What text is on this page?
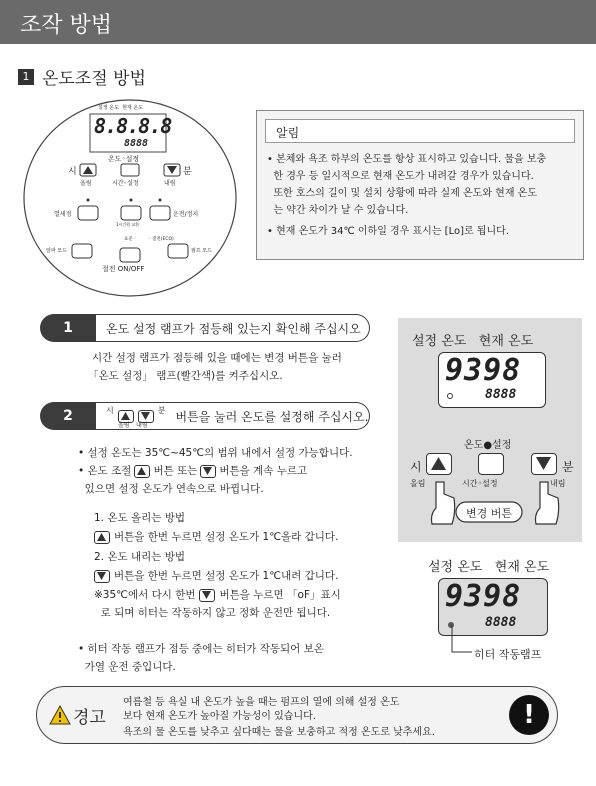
조작 방법
1 온도조절 방법
설정 온도  현재 온도
8.8.8.8
8888
온도◦설정
시	분
올림	시간◦설정	내림
열세정	운전/정지
1시간원 교환
표준 ◦ ◦ 절전(ECO)
알파 모드	펌프 모드
절전 ON/OFF
알림

• 본체와 욕조 하부의 온도를 항상 표시하고 있습니다. 물을 보충

한 경우 등 일시적으로 현재 온도가 내려갈 경우가 있습니다.

또한 호스의 길이 및 설치 상황에 따라 실제 온도와 현재 온도

는 약간 차이가 날 수 있습니다.

• 현재 온도가 34℃ 이하일 경우 표시는 [Lo]로 됩니다.

1	온도 설정 램프가 점등해 있는지 확인해 주십시오
시간 설정 램프가 점등해 있을 때에는 변경 버튼을 눌러
「온도 설정」 램프(빨간색)를 켜주십시오.
2	시	분 버튼을 눌러 온도를 설정해 주십시오.
올림 내림
• 설정 온도는 35℃~45℃의 범위 내에서 설정 가능합니다.
• 온도 조절 버튼 또는 버튼을 계속 누르고
있으면 설정 온도가 연속으로 바뀝니다.
1. 온도 올리는 방법
버튼을 한번 누르면 설정 온도가 1℃올라 갑니다.
2. 온도 내리는 방법
버튼을 한번 누르면 설정 온도가 1℃내려 갑니다.
※35℃에서 다시 한번 버튼을 누르면 「oF」표시
로 되며 히터는 작동하지 않고 정화 운전만 됩니다.
• 히터 작동 램프가 점등 중에는 히터가 작동되어 보온
가열 운전 중입니다.
설정 온도   현재 온도
9398
8888
온도●설정
시	분
올림	시간◦설정	내림
변경 버튼
설정 온도   현재 온도
9398
8888
히터 작동램프
경고
여름철 등 욕실 내 온도가 높을 때는 펌프의 열에 의해 설정 온도
보다 현재 온도가 높아질 가능성이 있습니다.
욕조의 물 온도를 낮추고 싶다때는 물을 보충하고 적정 온도로 낮추세요.
!
